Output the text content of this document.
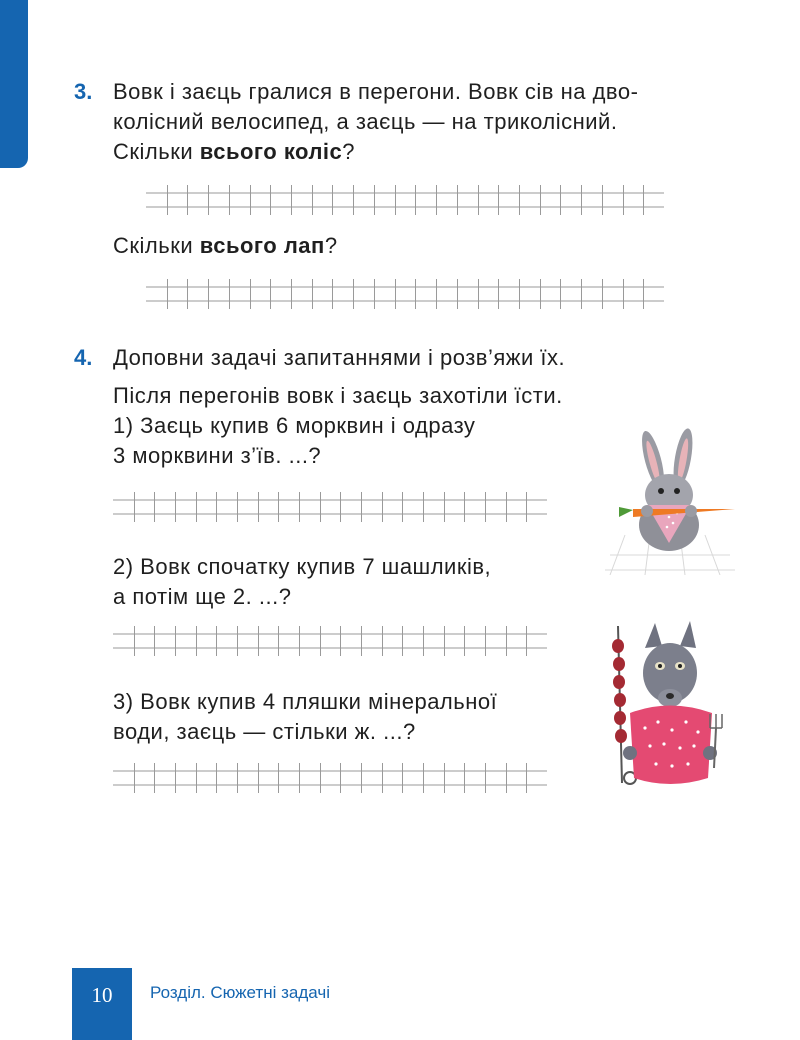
3. Вовк і заєць гралися в перегони. Вовк сів на дво-
колісний велосипед, а заєць — на триколісний.
Скільки всього коліс?
Скільки всього лап?
4. Доповни задачі запитаннями і розв’яжи їх.
Після перегонів вовк і заєць захотіли їсти.
1) Заєць купив 6 морквин і одразу
3 морквини з’їв. ...?
2) Вовк спочатку купив 7 шашликів,
а потім ще 2. ...?
3) Вовк купив 4 пляшки мінеральної
води, заєць — стільки ж. ...?
10	Розділ. Сюжетні задачі
